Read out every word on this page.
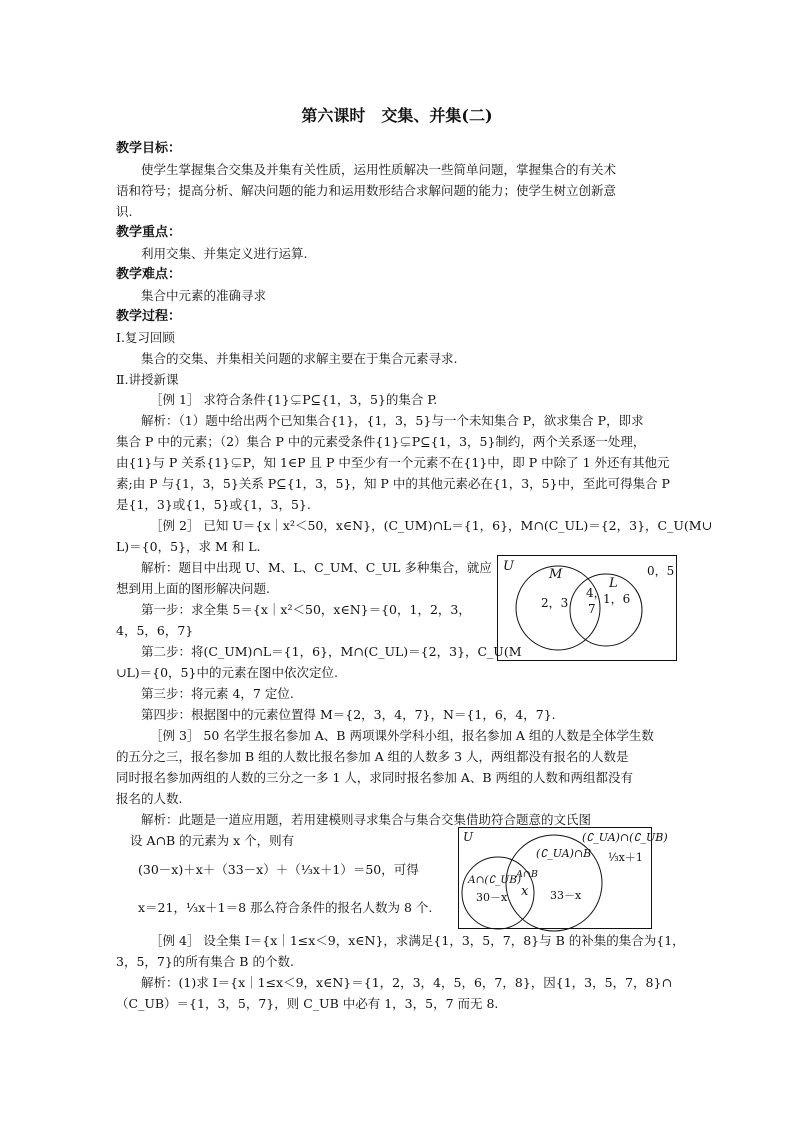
第六课时　交集、并集(二)
教学目标：
使学生掌握集合交集及并集有关性质，运用性质解决一些简单问题，掌握集合的有关术
语和符号；提高分析、解决问题的能力和运用数形结合求解问题的能力；使学生树立创新意
识.
教学重点：
利用交集、并集定义进行运算.
教学难点：
集合中元素的准确寻求
教学过程：
Ⅰ.复习回顾
集合的交集、并集相关问题的求解主要在于集合元素寻求.
Ⅱ.讲授新课
［例 1］ 求符合条件{1}⊊P⊆{1，3，5}的集合 P.
解析：（1）题中给出两个已知集合{1}，{1，3，5}与一个未知集合 P，欲求集合 P，即求
集合 P 中的元素；（2）集合 P 中的元素受条件{1}⊊P⊆{1，3，5}制约，两个关系逐一处理，
由{1}与 P 关系{1}⊊P，知 1∈P 且 P 中至少有一个元素不在{1}中，即 P 中除了 1 外还有其他元
素;由 P 与{1，3，5}关系 P⊆{1，3，5}，知 P 中的其他元素必在{1，3，5}中，至此可得集合 P
是{1，3}或{1，5}或{1，3，5}.
［例 2］ 已知 U＝{x｜x²＜50，x∈N}，(C_UM)∩L＝{1，6}，M∩(C_UL)＝{2，3}，C_U(M∪
L)＝{0，5}，求 M 和 L.
解析：题目中出现 U、M、L、C_UM、C_UL 多种集合，就应
想到用上面的图形解决问题.
第一步：求全集 5＝{x｜x²＜50，x∈N}＝{0，1，2，3，
4，5，6，7}
第二步：将(C_UM)∩L＝{1，6}，M∩(C_UL)＝{2，3}，C_U(M
∪L)＝{0，5}中的元素在图中依次定位.
第三步：将元素 4，7 定位.
第四步：根据图中的元素位置得 M＝{2，3，4，7}，N＝{1，6，4，7}.
U
M
L
0，5
2，3
4，
7
1，6
［例 3］ 50 名学生报名参加 A、B 两项课外学科小组，报名参加 A 组的人数是全体学生数
的五分之三，报名参加 B 组的人数比报名参加 A 组的人数多 3 人，两组都没有报名的人数是
同时报名参加两组的人数的三分之一多 1 人，求同时报名参加 A、B 两组的人数和两组都没有
报名的人数.
解析：此题是一道应用题，若用建模则寻求集合与集合交集借助符合题意的文氏图
设 A∩B 的元素为 x 个，则有
(30－x)＋x＋（33－x）＋（⅓x＋1）＝50，可得
x＝21，⅓x＋1＝8 那么符合条件的报名人数为 8 个.
U	(∁_UA)∩(∁_UB)
⅓x＋1
(∁_UA)∩B
A∩(∁_UB)
30－x
A∩B
x 33－x
［例 4］ 设全集 I＝{x｜1≤x＜9，x∈N}，求满足{1，3，5，7，8}与 B 的补集的集合为{1，
3，5，7}的所有集合 B 的个数.
解析：(1)求 I＝{x｜1≤x＜9，x∈N}＝{1，2，3，4，5，6，7，8}，因{1，3，5，7，8}∩
（C_UB）＝{1，3，5，7}，则 C_UB 中必有 1，3，5，7 而无 8.
